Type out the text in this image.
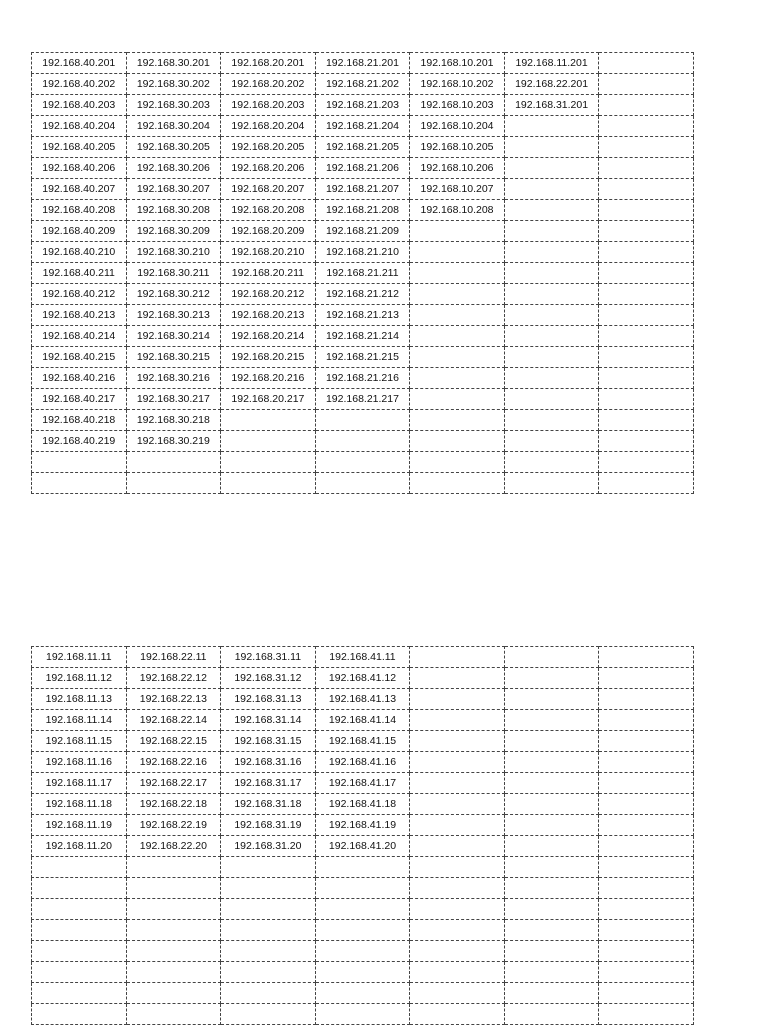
192.168.40.201	192.168.30.201	192.168.20.201	192.168.21.201	192.168.10.201	192.168.11.201	
192.168.40.202	192.168.30.202	192.168.20.202	192.168.21.202	192.168.10.202	192.168.22.201	
192.168.40.203	192.168.30.203	192.168.20.203	192.168.21.203	192.168.10.203	192.168.31.201	
192.168.40.204	192.168.30.204	192.168.20.204	192.168.21.204	192.168.10.204		
192.168.40.205	192.168.30.205	192.168.20.205	192.168.21.205	192.168.10.205		
192.168.40.206	192.168.30.206	192.168.20.206	192.168.21.206	192.168.10.206		
192.168.40.207	192.168.30.207	192.168.20.207	192.168.21.207	192.168.10.207		
192.168.40.208	192.168.30.208	192.168.20.208	192.168.21.208	192.168.10.208		
192.168.40.209	192.168.30.209	192.168.20.209	192.168.21.209			
192.168.40.210	192.168.30.210	192.168.20.210	192.168.21.210			
192.168.40.211	192.168.30.211	192.168.20.211	192.168.21.211			
192.168.40.212	192.168.30.212	192.168.20.212	192.168.21.212			
192.168.40.213	192.168.30.213	192.168.20.213	192.168.21.213			
192.168.40.214	192.168.30.214	192.168.20.214	192.168.21.214			
192.168.40.215	192.168.30.215	192.168.20.215	192.168.21.215			
192.168.40.216	192.168.30.216	192.168.20.216	192.168.21.216			
192.168.40.217	192.168.30.217	192.168.20.217	192.168.21.217			
192.168.40.218	192.168.30.218					
192.168.40.219	192.168.30.219					

192.168.11.11	192.168.22.11	192.168.31.11	192.168.41.11			
192.168.11.12	192.168.22.12	192.168.31.12	192.168.41.12			
192.168.11.13	192.168.22.13	192.168.31.13	192.168.41.13			
192.168.11.14	192.168.22.14	192.168.31.14	192.168.41.14			
192.168.11.15	192.168.22.15	192.168.31.15	192.168.41.15			
192.168.11.16	192.168.22.16	192.168.31.16	192.168.41.16			
192.168.11.17	192.168.22.17	192.168.31.17	192.168.41.17			
192.168.11.18	192.168.22.18	192.168.31.18	192.168.41.18			
192.168.11.19	192.168.22.19	192.168.31.19	192.168.41.19			
192.168.11.20	192.168.22.20	192.168.31.20	192.168.41.20			
